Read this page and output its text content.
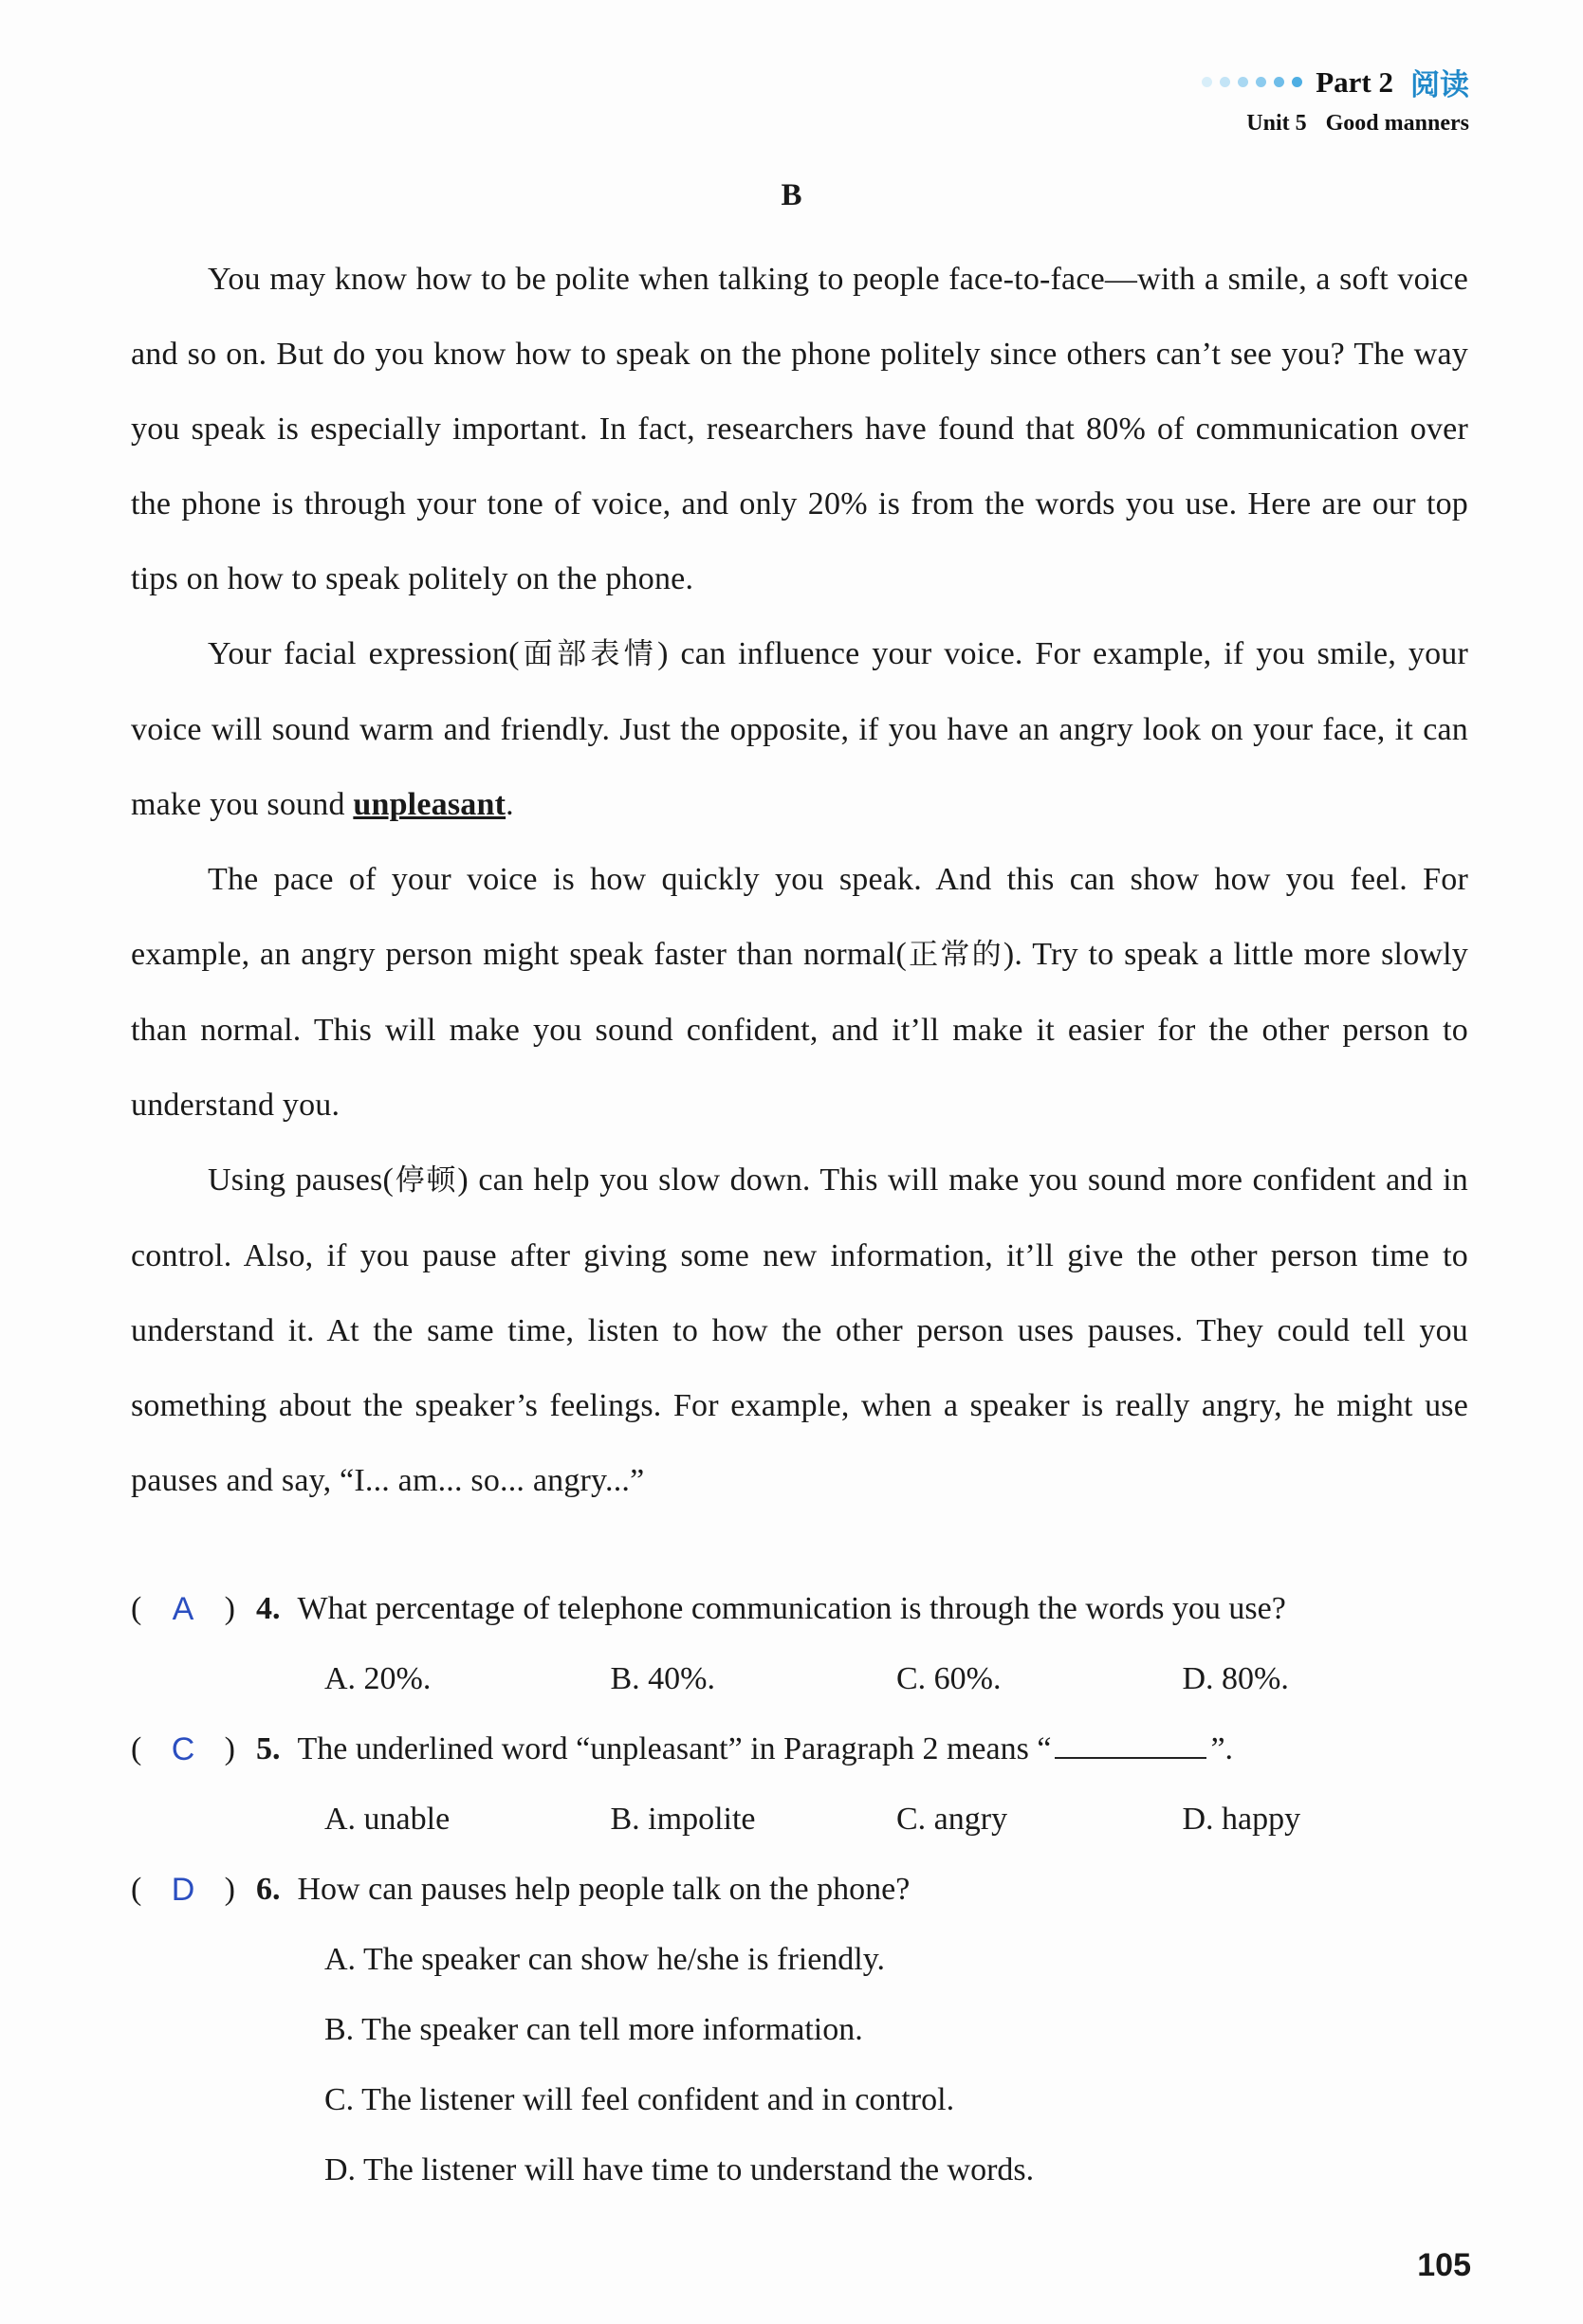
Part 2 阅读
Unit 5 Good manners
B

You may know how to be polite when talking to people face-to-face—with a smile, a soft voice and so on. But do you know how to speak on the phone politely since others can’t see you? The way you speak is especially important. In fact, researchers have found that 80% of communication over the phone is through your tone of voice, and only 20% is from the words you use. Here are our top tips on how to speak politely on the phone.

Your facial expression(面部表情) can influence your voice. For example, if you smile, your voice will sound warm and friendly. Just the opposite, if you have an angry look on your face, it can make you sound unpleasant.

The pace of your voice is how quickly you speak. And this can show how you feel. For example, an angry person might speak faster than normal(正常的). Try to speak a little more slowly than normal. This will make you sound confident, and it’ll make it easier for the other person to understand you.

Using pauses(停顿) can help you slow down. This will make you sound more confident and in control. Also, if you pause after giving some new information, it’ll give the other person time to understand it. At the same time, listen to how the other person uses pauses. They could tell you something about the speaker’s feelings. For example, when a speaker is really angry, he might use pauses and say, “I... am... so... angry...”

( A ) 4. What percentage of telephone communication is through the words you use?
A. 20%.	B. 40%.	C. 60%.	D. 80%.
( C ) 5. The underlined word “unpleasant” in Paragraph 2 means “	”.
A. unable	B. impolite	C. angry	D. happy
( D ) 6. How can pauses help people talk on the phone?
A. The speaker can show he/she is friendly.
B. The speaker can tell more information.
C. The listener will feel confident and in control.
D. The listener will have time to understand the words.
105
